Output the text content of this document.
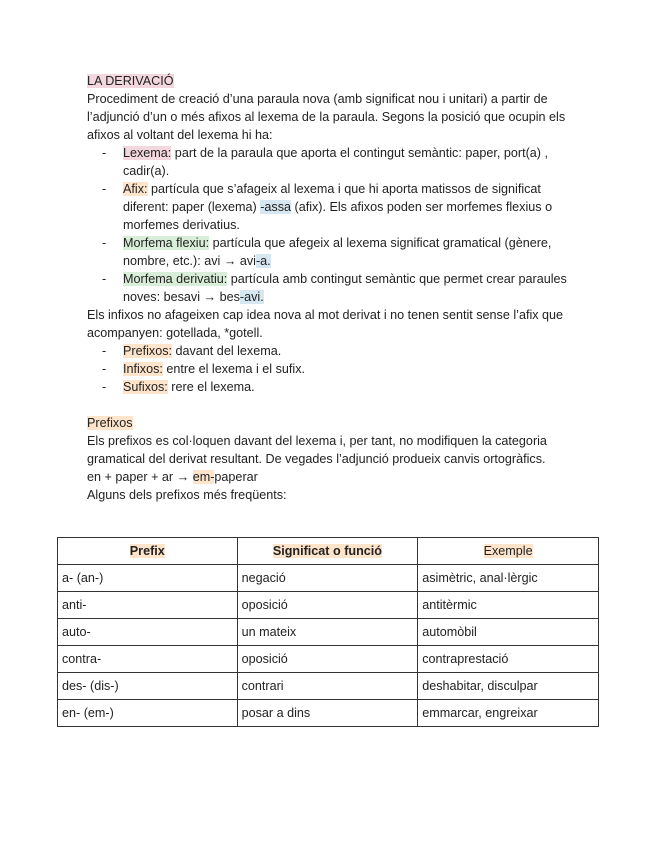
LA DERIVACIÓ

Procediment de creació d’una paraula nova (amb significat nou i unitari) a partir de l’adjunció d’un o més afixos al lexema de la paraula. Segons la posició que ocupin els afixos al voltant del lexema hi ha:

- Lexema: part de la paraula que aporta el contingut semàntic: paper, port(a) , cadir(a).
- Afix: partícula que s’afageix al lexema i que hi aporta matissos de significat diferent: paper (lexema) -assa (afix). Els afixos poden ser morfemes flexius o morfemes derivatius.
- Morfema flexiu: partícula que afegeix al lexema significat gramatical (gènere, nombre, etc.): avi → avi-a.
- Morfema derivatiu: partícula amb contingut semàntic que permet crear paraules noves: besavi → bes-avi.

Els infixos no afageixen cap idea nova al mot derivat i no tenen sentit sense l’afix que acompanyen: gotellada, *gotell.

- Prefixos: davant del lexema.
- Infixos: entre el lexema i el sufix.
- Sufixos: rere el lexema.

Prefixos

Els prefixos es col·loquen davant del lexema i, per tant, no modifiquen la categoria gramatical del derivat resultant. De vegades l’adjunció produeix canvis ortogràfics.

en + paper + ar → em-paperar

Alguns dels prefixos més freqüents:

Prefix	Significat o funció	Exemple
a- (an-)	negació	asimètric, anal·lèrgic
anti-	oposició	antitèrmic
auto-	un mateix	automòbil
contra-	oposició	contraprestació
des- (dis-)	contrari	deshabitar, disculpar
en- (em-)	posar a dins	emmarcar, engreixar
